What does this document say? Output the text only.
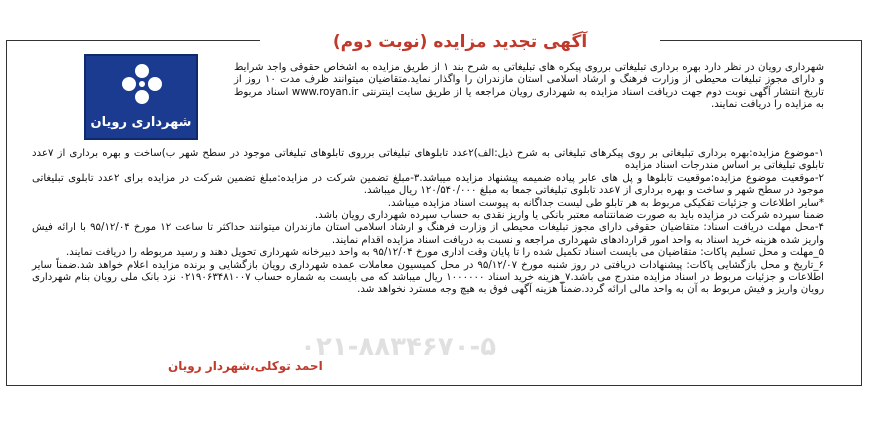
آگهی تجدید مزایده (نوبت دوم)
شهرداری رویان

شهرداری رویان در نظر دارد بهره برداری تبلیغاتی برروی پیکره های تبلیغاتی به شرح بند ۱ از طریق مزایده به اشخاص حقوقی واجد شرایط و دارای مجوز تبلیغات محیطی از وزارت فرهنگ و ارشاد اسلامی استان مازندران را واگذار نماید.متقاضیان میتوانند ظرف مدت ۱۰ روز از تاریخ انتشار آگهی نوبت دوم جهت دریافت اسناد مزایده به شهرداری رویان مراجعه یا از طریق سایت اینترنتی www.royan.ir اسناد مربوط به مزایده را دریافت نمایند.

۱-موضوع مزایده:بهره برداری تبلیغاتی بر روی پیکرهای تبلیغاتی به شرح ذیل:الف)۲عدد تابلوهای تبلیغاتی برروی تابلوهای تبلیغاتی موجود در سطح شهر ب)ساخت و بهره برداری از ۷عدد تابلوی تبلیغاتی بر اساس مندرجات اسناد مزایده

۲-موقعیت موضوع مزایده:موقعیت تابلوها و پل های عابر پیاده ضمیمه پیشنهاد مزایده میباشد.۳-مبلغ تضمین شرکت در مزایده:مبلغ تضمین شرکت در مزایده برای ۲عدد تابلوی تبلیغاتی موجود در سطح شهر و ساخت و بهره برداری از ۷عدد تابلوی تبلیغاتی جمعا به مبلغ ۱۲۰/۵۴۰/۰۰۰ ریال میباشد.

*سایر اطلاعات و جزئیات تفکیکی مربوط به هر تابلو طی لیست جداگانه به پیوست اسناد مزایده میباشد.

ضمنا سپرده شرکت در مزایده باید به صورت ضمانتنامه معتبر بانکی یا واریز نقدی به حساب سپرده شهرداری رویان باشد.

۴-محل مهلت دریافت اسناد: متقاضیان حقوقی دارای مجوز تبلیغات محیطی از وزارت فرهنگ و ارشاد اسلامی استان مازندران میتوانند حداکثر تا ساعت ۱۲ مورخ ۹۵/۱۲/۰۴ با ارائه فیش واریز شده هزینه خرید اسناد به واحد امور قراردادهای شهرداری مراجعه و نسبت به دریافت اسناد مزایده اقدام نمایند.

۵_مهلت و محل تسلیم پاکات: متقاضیان می بایست اسناد تکمیل شده را تا پایان وقت اداری مورخ ۹۵/۱۲/۰۴ به واحد دبیرخانه شهرداری تحویل دهند و رسید مربوطه را دریافت نمایند.

۶_تاریخ و محل بازگشایی پاکات: پیشنهادات دریافتی در روز شنبه مورخ ۹۵/۱۲/۰۷ در محل کمیسیون معاملات عمده شهرداری رویان بازگشایی و برنده مزایده اعلام خواهد شد.ضمناً سایر اطلاعات و جزئیات مربوط در اسناد مزایده مندرج می باشد.۷_هزینه خرید اسناد ۱۰۰۰۰۰۰ ریال میباشد که می بایست به شماره حساب ۰۲۱۹۰۶۳۴۸۱۰۰۷ نزد بانک ملی رویان بنام شهرداری رویان واریز و فیش مربوط به آن به واحد مالی ارائه گردد.ضمناً هزینه آگهی فوق به هیچ وجه مسترد نخواهد شد.

۰۲۱-۸۸۳۴۶۷۰-۵
احمد توکلی،شهردار رویان
